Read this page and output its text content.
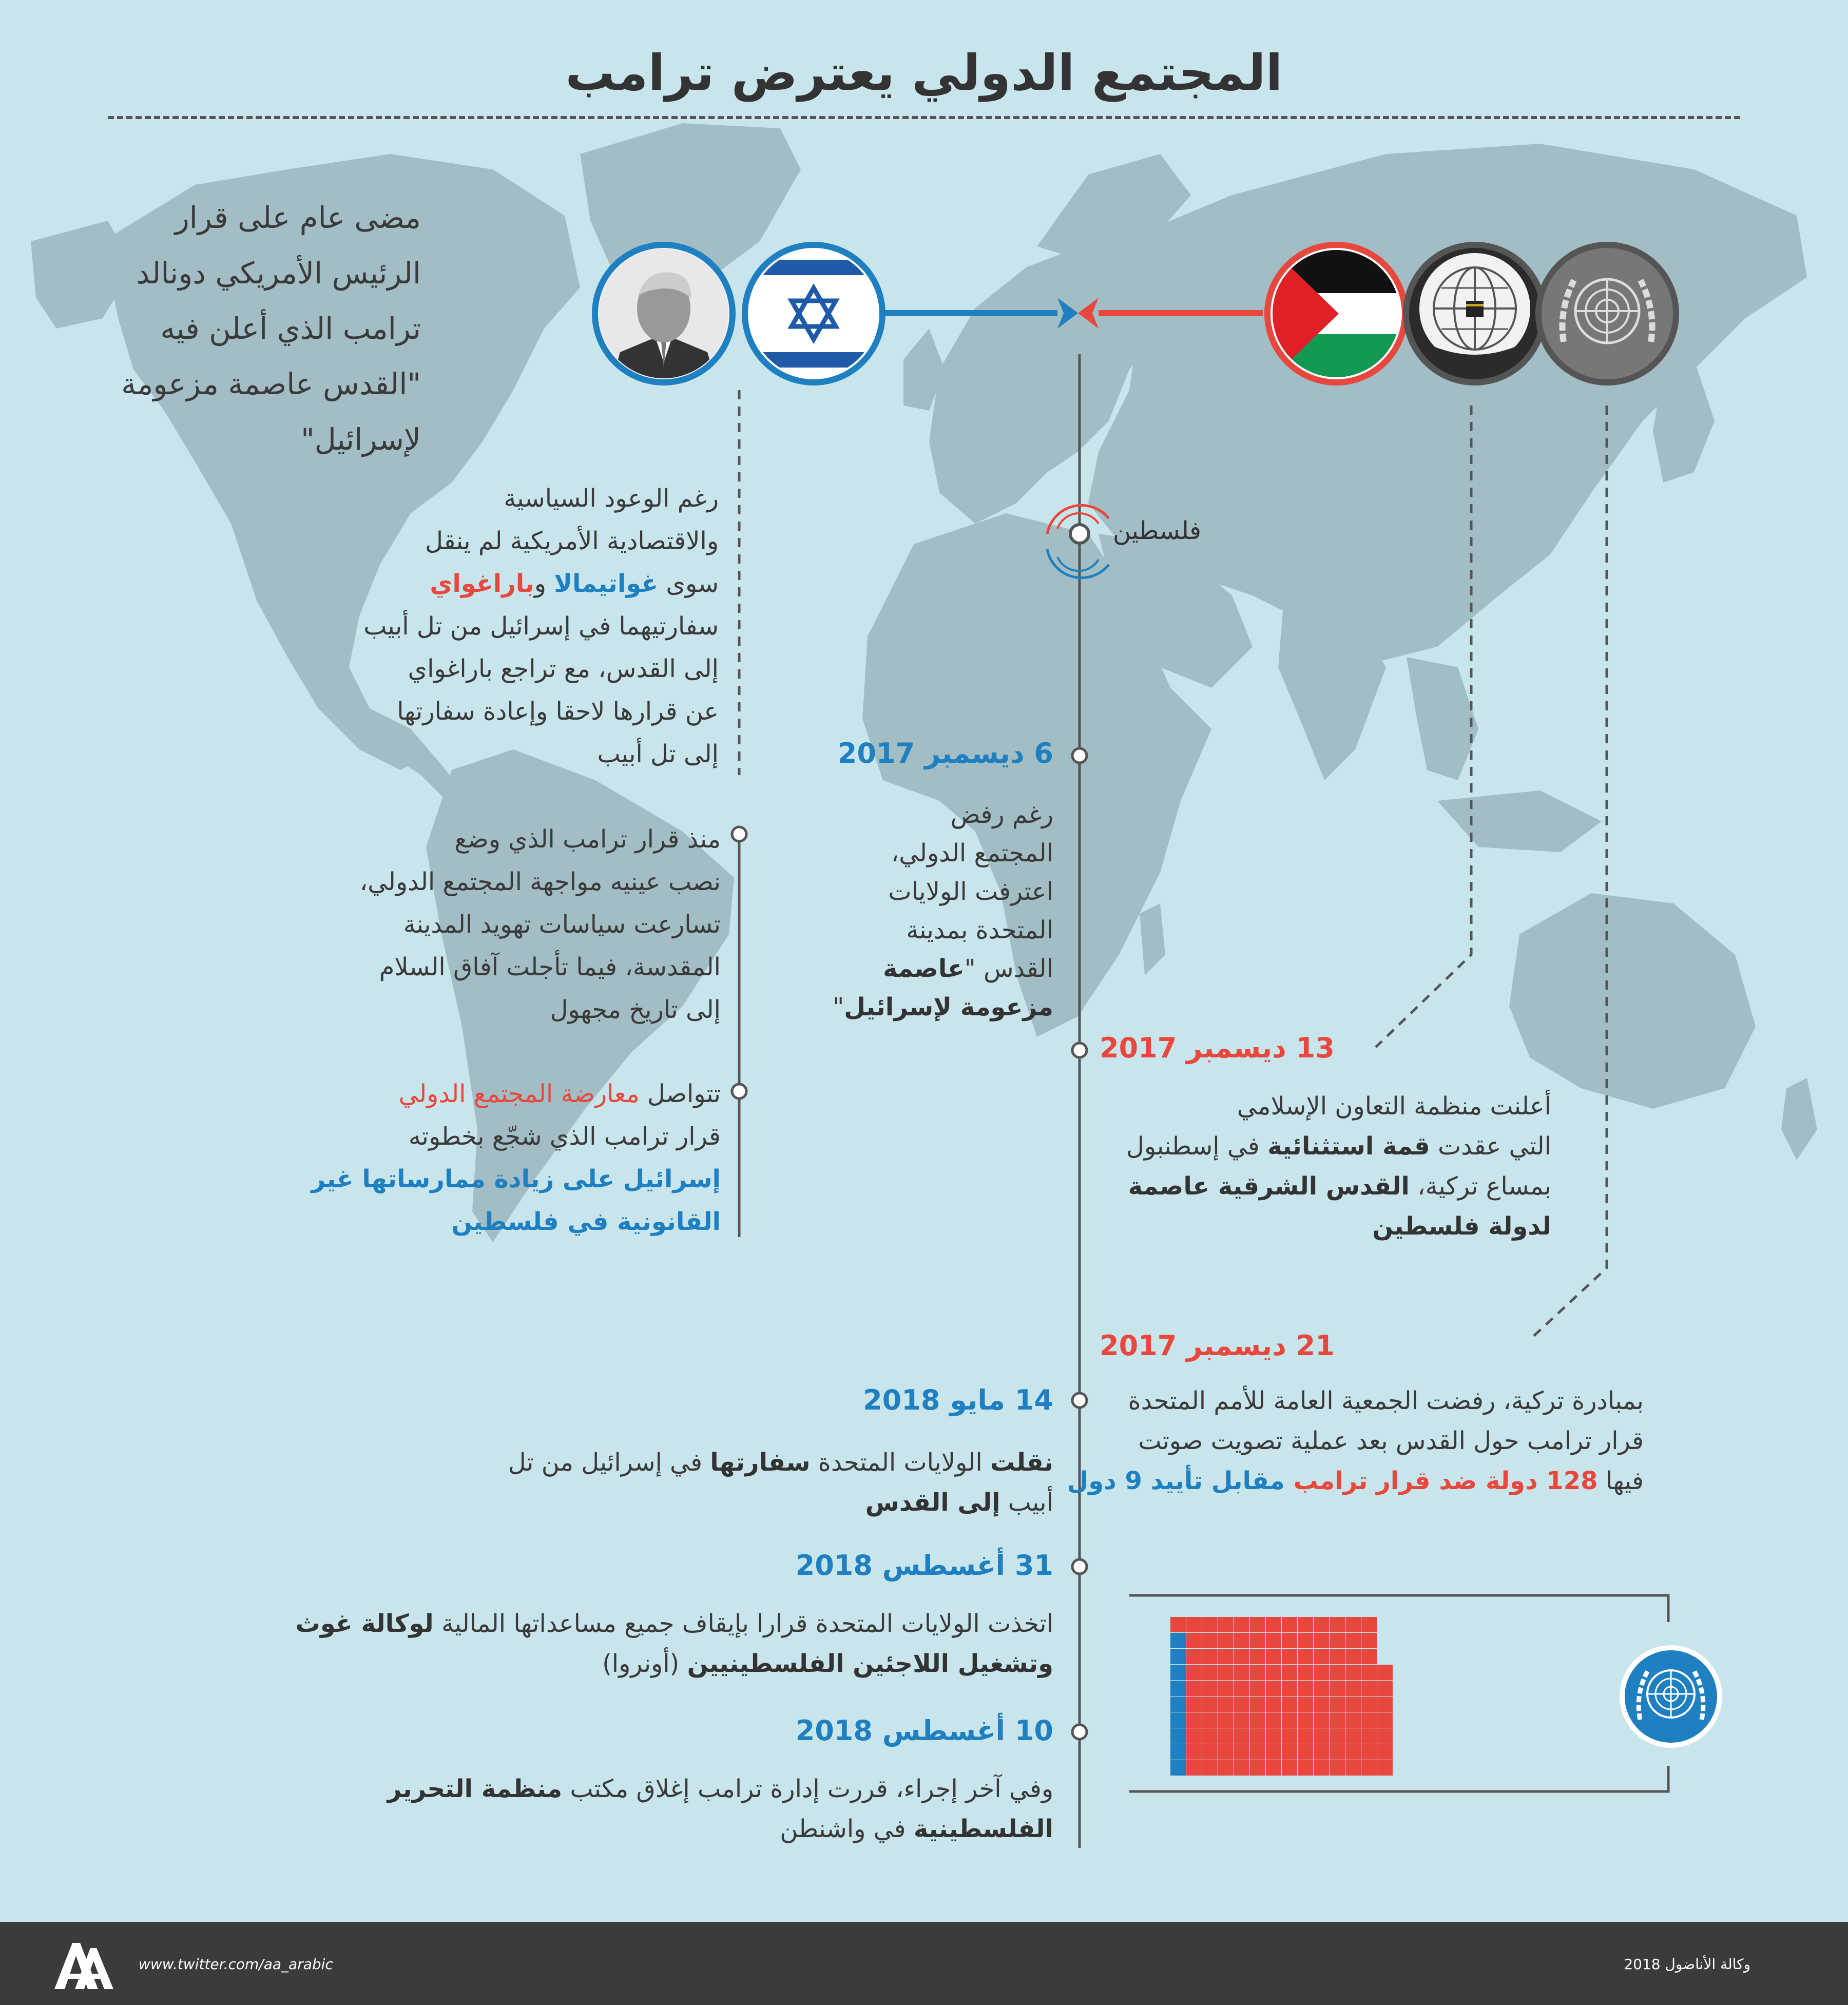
المجتمع الدولي يعترض ترامب

مضى عام على قرار

الرئيس الأمريكي دونالد

ترامب الذي أعلن فيه

"القدس عاصمة مزعومة

لإسرائيل"

فلسطين

رغم الوعود السياسية

والاقتصادية الأمريكية لم ينقل

سوى غواتيمالا وباراغواي

سفارتيهما في إسرائيل من تل أبيب

إلى القدس، مع تراجع باراغواي

عن قرارها لاحقا وإعادة سفارتها

إلى تل أبيب

منذ قرار ترامب الذي وضع

نصب عينيه مواجهة المجتمع الدولي،

تسارعت سياسات تهويد المدينة

المقدسة، فيما تأجلت آفاق السلام

إلى تاريخ مجهول

تتواصل معارضة المجتمع الدولي

قرار ترامب الذي شجّع بخطوته

إسرائيل على زيادة ممارساتها غير

القانونية في فلسطين

6 ديسمبر 2017

رغم رفض

المجتمع الدولي،

اعترفت الولايات

المتحدة بمدينة

القدس "عاصمة

مزعومة لإسرائيل"

13 ديسمبر 2017

أعلنت منظمة التعاون الإسلامي

التي عقدت قمة استثنائية في إسطنبول

بمساع تركية، القدس الشرقية عاصمة

لدولة فلسطين

21 ديسمبر 2017

بمبادرة تركية، رفضت الجمعية العامة للأمم المتحدة

قرار ترامب حول القدس بعد عملية تصويت صوتت

فيها 128 دولة ضد قرار ترامب مقابل تأييد 9 دول

14 مايو 2018

نقلت الولايات المتحدة سفارتها في إسرائيل من تل

أبيب إلى القدس

31 أغسطس 2018

اتخذت الولايات المتحدة قرارا بإيقاف جميع مساعداتها المالية لوكالة غوث

وتشغيل اللاجئين الفلسطينيين (أونروا)

10 أغسطس 2018

وفي آخر إجراء، قررت إدارة ترامب إغلاق مكتب منظمة التحرير

الفلسطينية في واشنطن

www.twitter.com/aa_arabic	وكالة الأناضول 2018
